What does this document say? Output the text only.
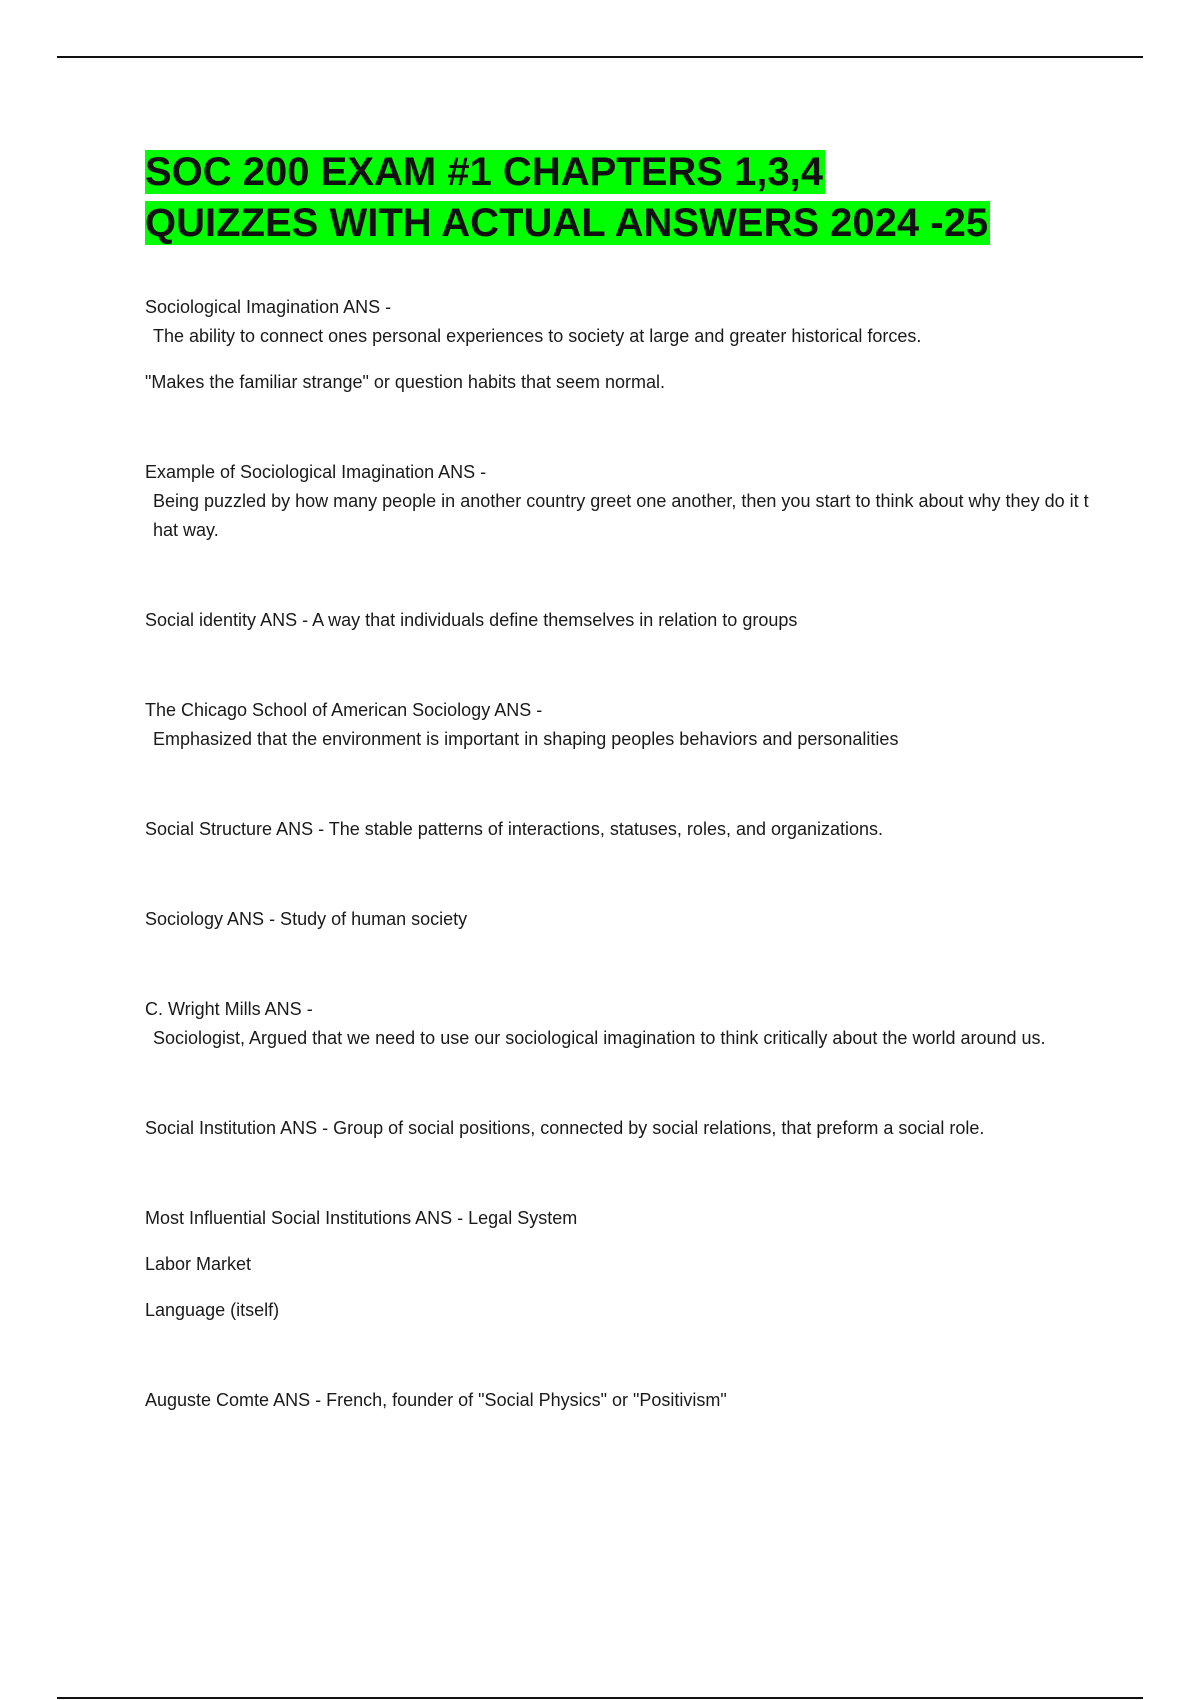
SOC 200 EXAM #1 CHAPTERS 1,3,4
QUIZZES WITH ACTUAL ANSWERS 2024 -25

Sociological Imagination ANS -

The ability to connect ones personal experiences to society at large and greater historical forces.

"Makes the familiar strange" or question habits that seem normal.

Example of Sociological Imagination ANS -

Being puzzled by how many people in another country greet one another, then you start to think about why they do it that way.

Social identity ANS - A way that individuals define themselves in relation to groups

The Chicago School of American Sociology ANS -

Emphasized that the environment is important in shaping peoples behaviors and personalities

Social Structure ANS - The stable patterns of interactions, statuses, roles, and organizations.

Sociology ANS - Study of human society

C. Wright Mills ANS -

Sociologist, Argued that we need to use our sociological imagination to think critically about the world around us.

Social Institution ANS - Group of social positions, connected by social relations, that preform a social role.

Most Influential Social Institutions ANS - Legal System

Labor Market

Language (itself)

Auguste Comte ANS - French, founder of "Social Physics" or "Positivism"
